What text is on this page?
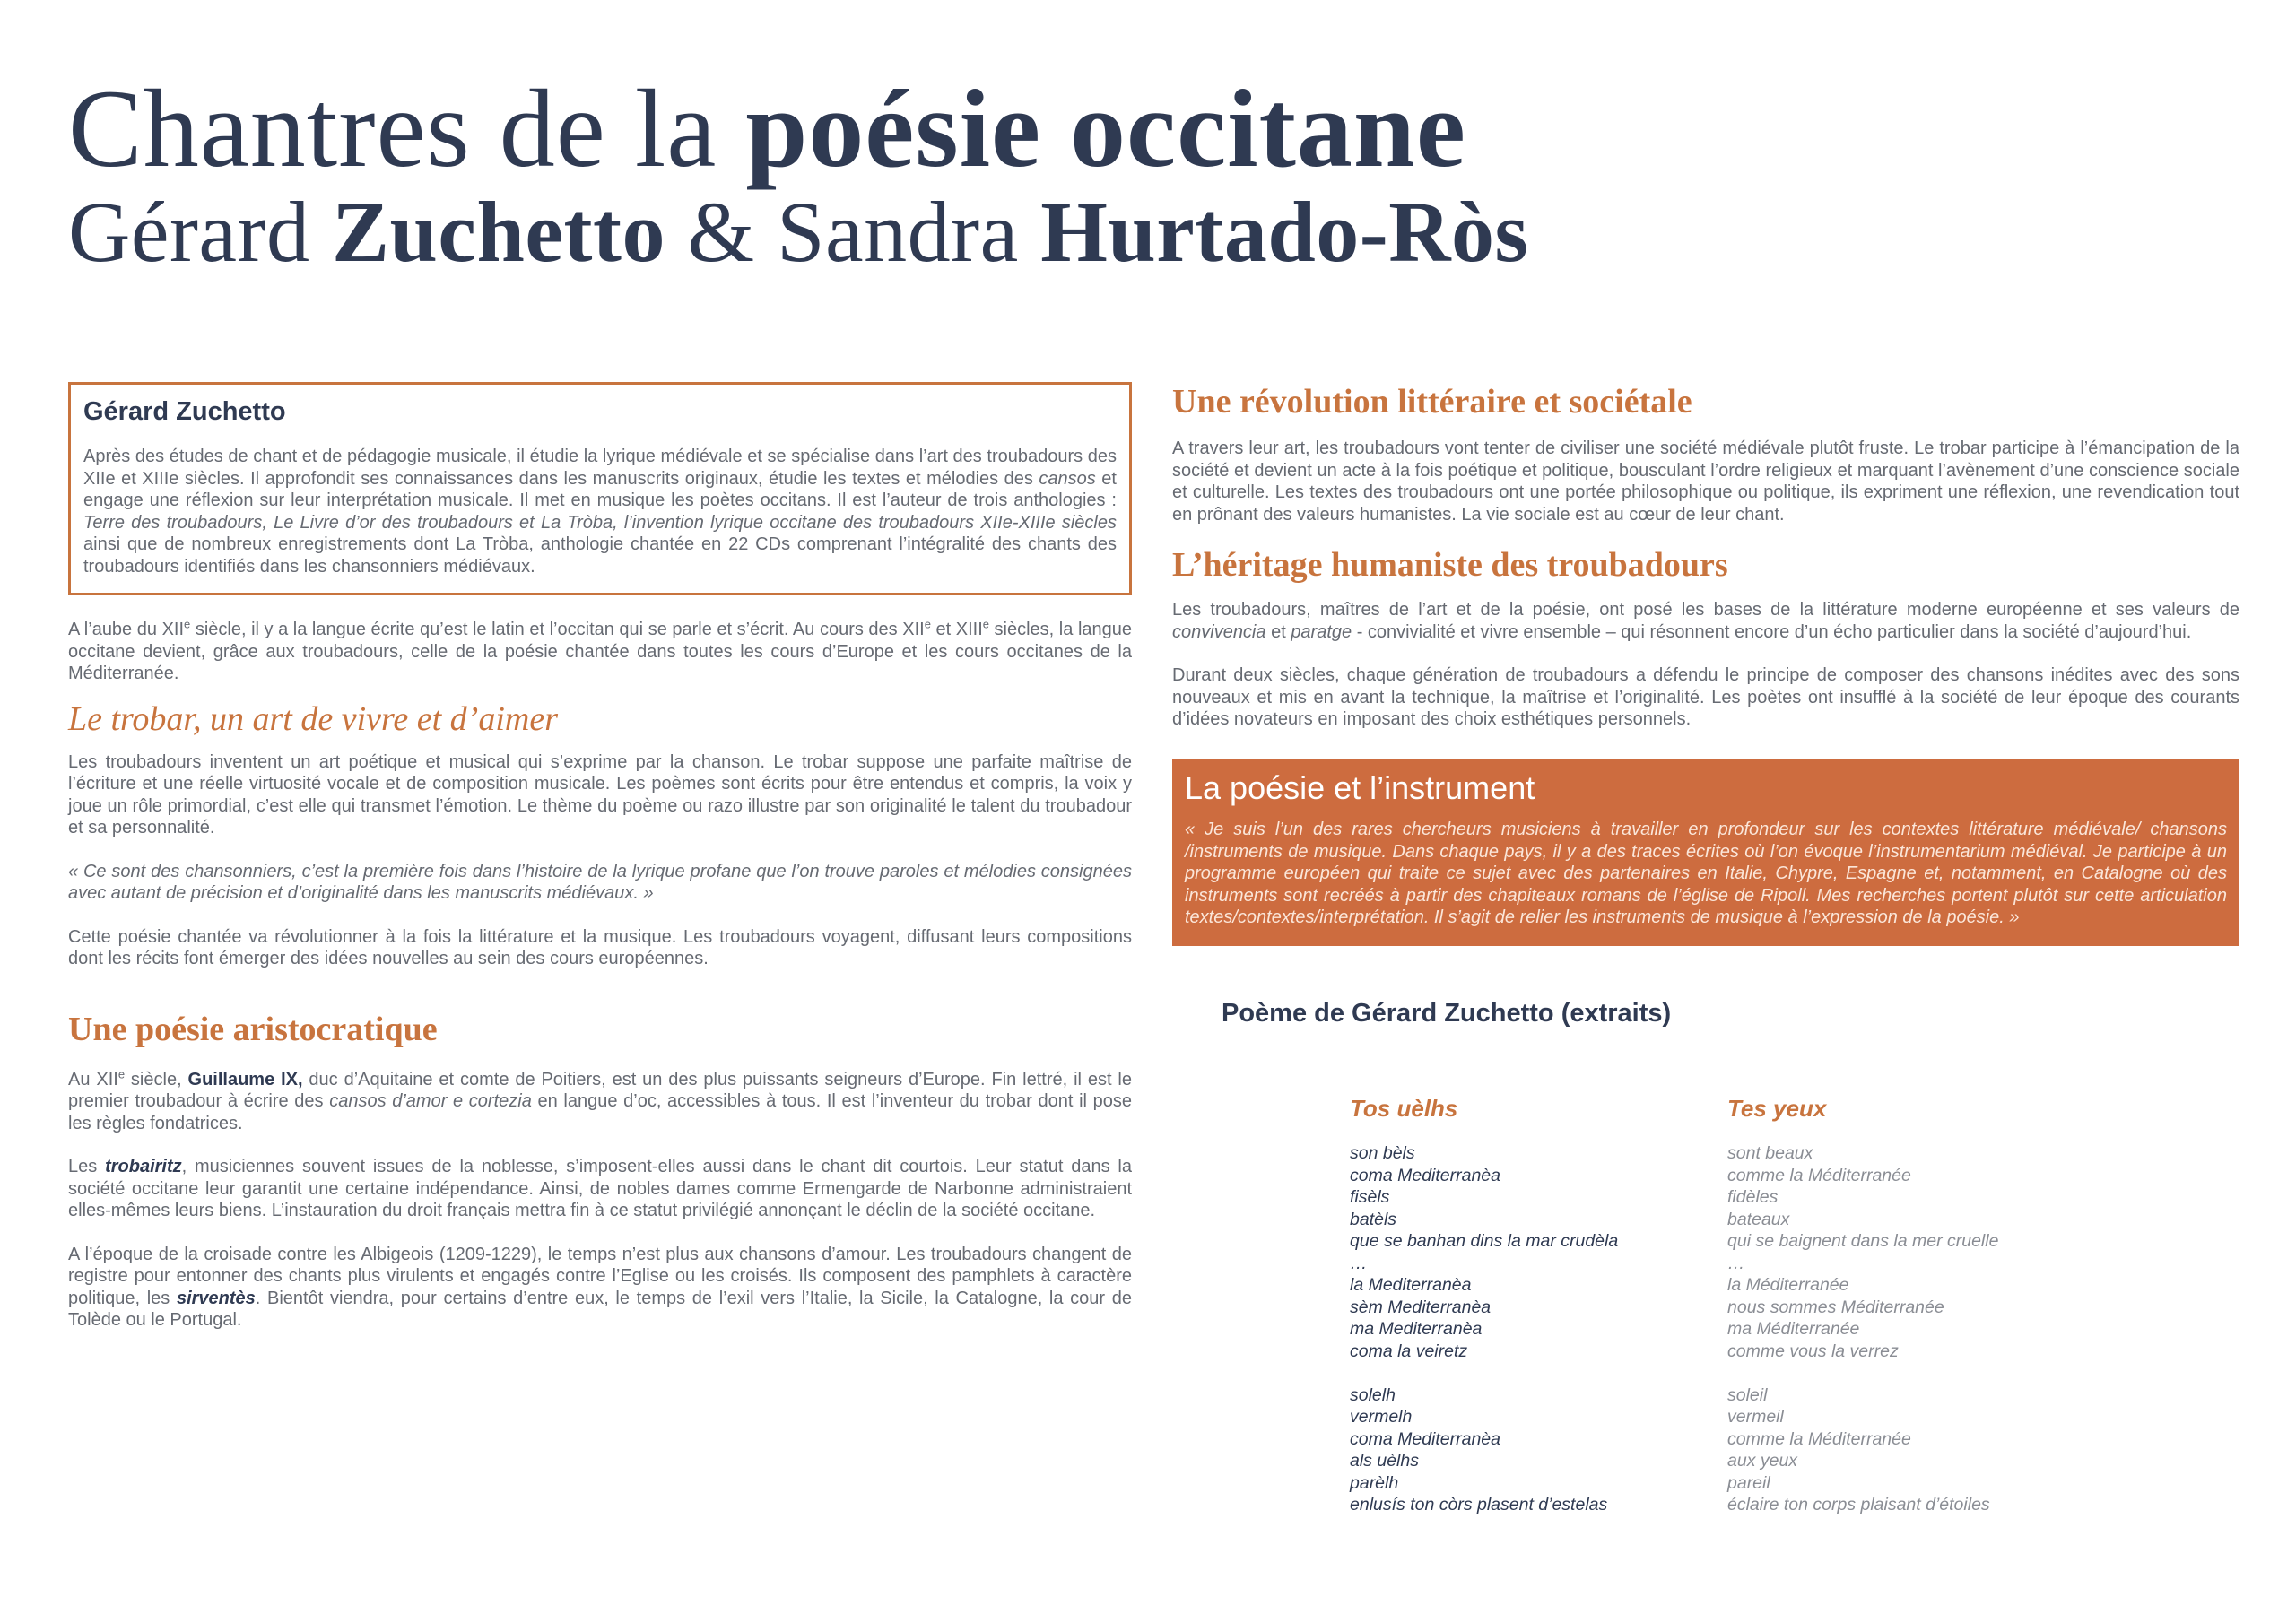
Chantres de la poésie occitane
Gérard Zuchetto & Sandra Hurtado-Ròs
Gérard Zuchetto

Après des études de chant et de pédagogie musicale, il étudie la lyrique médiévale et se spécialise dans l’art des troubadours des XIIe et XIIIe siècles. Il approfondit ses connaissances dans les manuscrits originaux, étudie les textes et mélodies des cansos et engage une réflexion sur leur interprétation musicale. Il met en musique les poètes occitans. Il est l’auteur de trois anthologies : Terre des troubadours, Le Livre d’or des troubadours et La Tròba, l’invention lyrique occitane des troubadours XIIe-XIIIe siècles ainsi que de nombreux enregistrements dont La Tròba, anthologie chantée en 22 CDs comprenant l’intégralité des chants des troubadours identifiés dans les chansonniers médiévaux.

A l’aube du XIIe siècle, il y a la langue écrite qu’est le latin et l’occitan qui se parle et s’écrit. Au cours des XIIe et XIIIe siècles, la langue occitane devient, grâce aux troubadours, celle de la poésie chantée dans toutes les cours d’Europe et les cours occitanes de la Méditerranée.

Le trobar, un art de vivre et d’aimer

Les troubadours inventent un art poétique et musical qui s’exprime par la chanson. Le trobar suppose une parfaite maîtrise de l’écriture et une réelle virtuosité vocale et de composition musicale. Les poèmes sont écrits pour être entendus et compris, la voix y joue un rôle primordial, c’est elle qui transmet l’émotion. Le thème du poème ou razo illustre par son originalité le talent du troubadour et sa personnalité.

« Ce sont des chansonniers, c’est la première fois dans l’histoire de la lyrique profane que l’on trouve paroles et mélodies consignées avec autant de précision et d’originalité dans les manuscrits médiévaux. »

Cette poésie chantée va révolutionner à la fois la littérature et la musique. Les troubadours voyagent, diffusant leurs compositions dont les récits font émerger des idées nouvelles au sein des cours européennes.

Une poésie aristocratique

Au XIIe siècle, Guillaume IX, duc d’Aquitaine et comte de Poitiers, est un des plus puissants seigneurs d’Europe. Fin lettré, il est le premier troubadour à écrire des cansos d’amor e cortezia en langue d’oc, accessibles à tous. Il est l’inventeur du trobar dont il pose les règles fondatrices.

Les trobairitz, musiciennes souvent issues de la noblesse, s’imposent-elles aussi dans le chant dit courtois. Leur statut dans la société occitane leur garantit une certaine indépendance. Ainsi, de nobles dames comme Ermengarde de Narbonne administraient elles-mêmes leurs biens. L’instauration du droit français mettra fin à ce statut privilégié annonçant le déclin de la société occitane.

A l’époque de la croisade contre les Albigeois (1209-1229), le temps n’est plus aux chansons d’amour. Les troubadours changent de registre pour entonner des chants plus virulents et engagés contre l’Eglise ou les croisés. Ils composent des pamphlets à caractère politique, les sirventès. Bientôt viendra, pour certains d’entre eux, le temps de l’exil vers l’Italie, la Sicile, la Catalogne, la cour de Tolède ou le Portugal.

Une révolution littéraire et sociétale

A travers leur art, les troubadours vont tenter de civiliser une société médiévale plutôt fruste. Le trobar participe à l’émancipation de la société et devient un acte à la fois poétique et politique, bousculant l’ordre religieux et marquant l’avènement d’une conscience sociale et culturelle. Les textes des troubadours ont une portée philosophique ou politique, ils expriment une réflexion, une revendication tout en prônant des valeurs humanistes. La vie sociale est au cœur de leur chant.

L’héritage humaniste des troubadours

Les troubadours, maîtres de l’art et de la poésie, ont posé les bases de la littérature moderne européenne et ses valeurs de convivencia et paratge - convivialité et vivre ensemble – qui résonnent encore d’un écho particulier dans la société d’aujourd’hui.

Durant deux siècles, chaque génération de troubadours a défendu le principe de composer des chansons inédites avec des sons nouveaux et mis en avant la technique, la maîtrise et l’originalité. Les poètes ont insufflé à la société de leur époque des courants d’idées novateurs en imposant des choix esthétiques personnels.

La poésie et l’instrument

« Je suis l’un des rares chercheurs musiciens à travailler en profondeur sur les contextes littérature médiévale/ chansons /instruments de musique. Dans chaque pays, il y a des traces écrites où l’on évoque l’instrumentarium médiéval. Je participe à un programme européen qui traite ce sujet avec des partenaires en Italie, Chypre, Espagne et, notamment, en Catalogne où des instruments sont recréés à partir des chapiteaux romans de l’église de Ripoll. Mes recherches portent plutôt sur cette articulation textes/contextes/interprétation. Il s’agit de relier les instruments de musique à l’expression de la poésie. »

Poème de Gérard Zuchetto (extraits)
Tos uèlhs
son bèls
coma Mediterranèa
fisèls
batèls
que se banhan dins la mar crudèla
…
la Mediterranèa
sèm Mediterranèa
ma Mediterranèa
coma la veiretz
solelh
vermelh
coma Mediterranèa
als uèlhs
parèlh
enlusís ton còrs plasent d’estelas
Tes yeux
sont beaux
comme la Méditerranée
fidèles
bateaux
qui se baignent dans la mer cruelle
…
la Méditerranée
nous sommes Méditerranée
ma Méditerranée
comme vous la verrez
soleil
vermeil
comme la Méditerranée
aux yeux
pareil
éclaire ton corps plaisant d’étoiles
